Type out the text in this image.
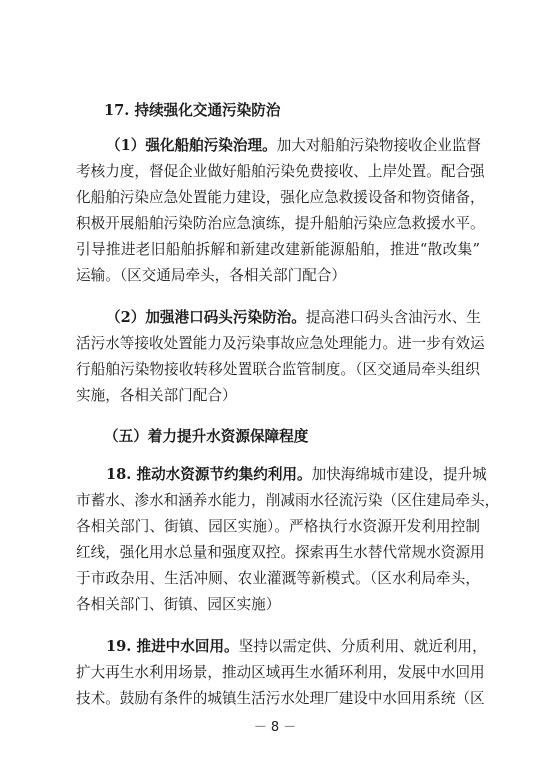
17. 持续强化交通污染防治
（1）强化船舶污染治理。加大对船舶污染物接收企业监督
考核力度，督促企业做好船舶污染免费接收、上岸处置。配合强
化船舶污染应急处置能力建设，强化应急救援设备和物资储备，
积极开展船舶污染防治应急演练，提升船舶污染应急救援水平。
引导推进老旧船舶拆解和新建改建新能源船舶，推进“散改集”
运输。（区交通局牵头，各相关部门配合）
（2）加强港口码头污染防治。提高港口码头含油污水、生
活污水等接收处置能力及污染事故应急处理能力。进一步有效运
行船舶污染物接收转移处置联合监管制度。（区交通局牵头组织
实施，各相关部门配合）
（五）着力提升水资源保障程度
18. 推动水资源节约集约利用。加快海绵城市建设，提升城
市蓄水、渗水和涵养水能力，削减雨水径流污染（区住建局牵头，
各相关部门、街镇、园区实施）。严格执行水资源开发利用控制
红线，强化用水总量和强度双控。探索再生水替代常规水资源用
于市政杂用、生活冲厕、农业灌溉等新模式。（区水利局牵头，
各相关部门、街镇、园区实施）
19. 推进中水回用。坚持以需定供、分质利用、就近利用，
扩大再生水利用场景，推动区域再生水循环利用，发展中水回用
技术。鼓励有条件的城镇生活污水处理厂建设中水回用系统（区
－ 8 －
